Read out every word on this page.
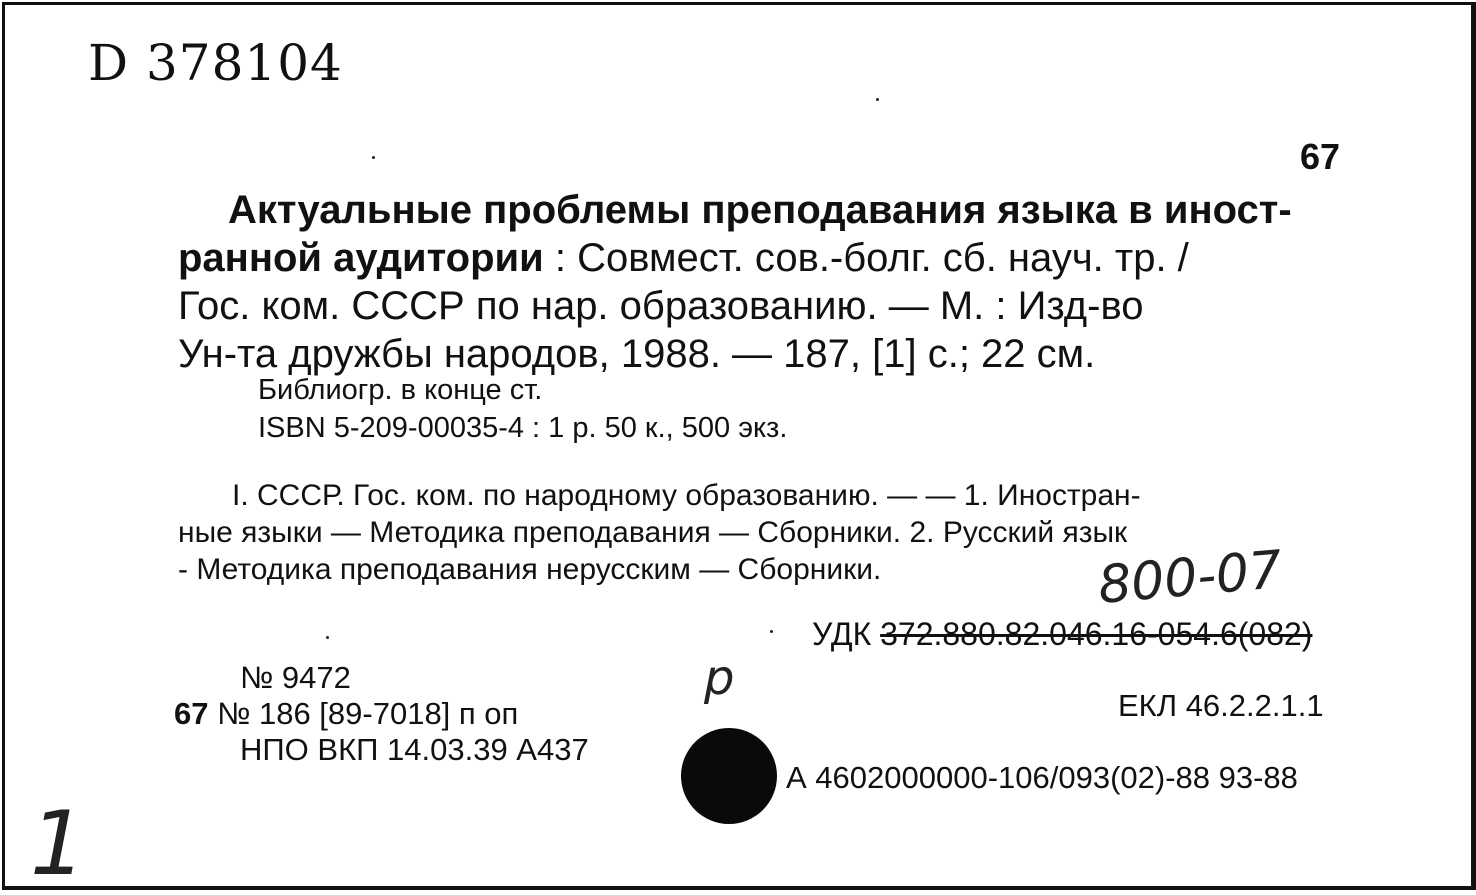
D 378104
67
Актуальные проблемы преподавания языка в иност-
ранной аудитории : Совмест. сов.-болг. сб. науч. тр. /
Гос. ком. СССР по нар. образованию. — М. : Изд-во
Ун-та дружбы народов, 1988. — 187, [1] с.; 22 см.
Библиогр. в конце ст.
ISBN 5-209-00035-4 : 1 р. 50 к., 500 экз.
I. СССР. Гос. ком. по народному образованию. — — 1. Иностран-
ные языки — Методика преподавания — Сборники. 2. Русский язык
- Методика преподавания нерусским — Сборники.	800-07
УДК 372.880.82.046.16-054.6(082)
р
№ 9472
67 № 186 [89-7018] п оп
НПО ВКП 14.03.39 А437
ЕКЛ 46.2.2.1.1
А 4602000000-106/093(02)-88 93-88
1
